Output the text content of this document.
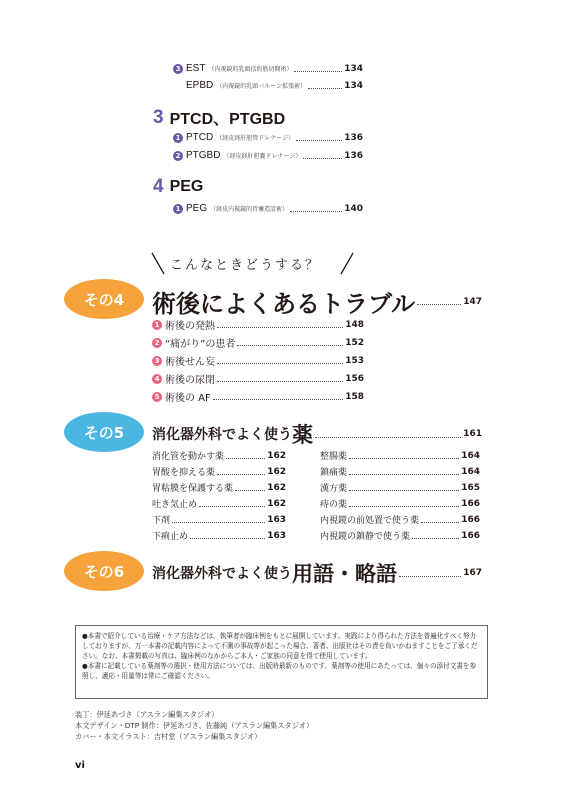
3 EST （内視鏡的乳頭括約筋切開術）	134
EPBD （内視鏡的乳頭バルーン拡張術）	134
3 PTCD、PTGBD
1 PTCD （経皮経肝胆管ドレナージ）	136
2 PTGBD （経皮経肝胆嚢ドレナージ）	136
4 PEG
1 PEG （経皮内視鏡的胃瘻造設術）	140
こんなときどうする？
その4	術後によくあるトラブル	147
1 術後の発熱	148
2 “痛がり”の患者	152
3 術後せん妄	153
4 術後の尿閉	156
5 術後の AF	158
その5	消化器外科でよく使う 薬	161
消化管を動かす薬	162
胃酸を抑える薬	162
胃粘膜を保護する薬	162
吐き気止め	162
下剤	163
下痢止め	163
整腸薬	164
鎮痛薬	164
漢方薬	165
痔の薬	166
内視鏡の前処置で使う薬	166
内視鏡の鎮静で使う薬	166
その6	消化器外科でよく使う 用語・略語	167
●本書で紹介している治療・ケア方法などは、執筆者が臨床例をもとに展開しています。実践により得られた方法を普遍化すべく努力しておりますが、万一本書の記載内容によって不測の事故等が起こった場合、著者、出版社はその責を負いかねますことをご了承ください。なお、本書掲載の写真は、臨床例のなかからご本人・ご家族の同意を得て使用しています。
●本書に記載している薬剤等の選択・使用方法については、出版時最新のものです。薬剤等の使用にあたっては、個々の添付文書を参照し、適応・用量等は常にご確認ください。
装丁：伊延あづさ（アスラン編集スタジオ）
本文デザイン・DTP 制作：伊延あづさ、佐藤純（アスラン編集スタジオ）
カバー・本文イラスト：吉村堂（アスラン編集スタジオ）
vi
